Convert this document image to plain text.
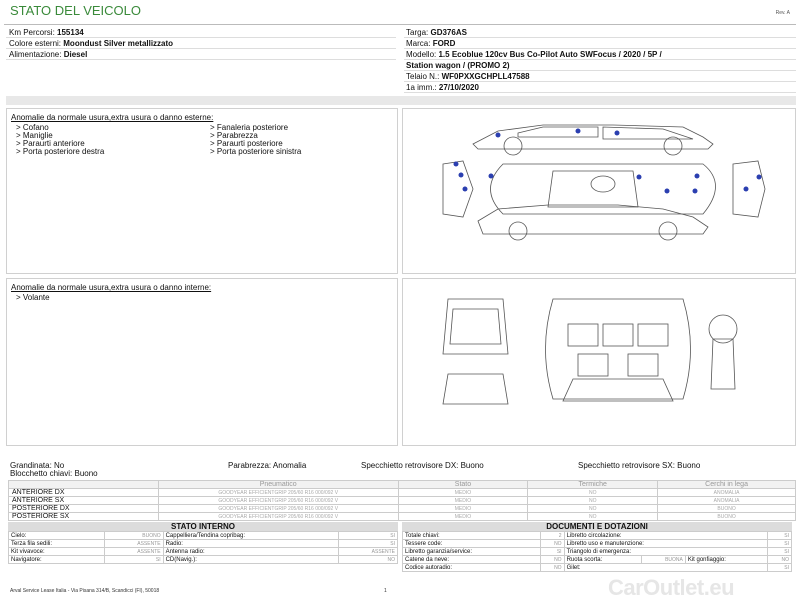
STATO DEL VEICOLO	Rev. A
Km Percorsi: 155134
Colore esterni: Moondust Silver metallizzato
Alimentazione: Diesel
Targa: GD376AS
Marca: FORD
Modello: 1.5 Ecoblue 120cv Bus Co-Pilot Auto SWFocus / 2020 / 5P /
Station wagon / (PROMO 2)
Telaio N.: WF0PXXGCHPLL47588
1a imm.: 27/10/2020
Anomalie da normale usura,extra usura o danno esterne:
> Cofano
> Maniglie
> Paraurti anteriore
> Porta posteriore destra
> Fanaleria posteriore
> Parabrezza
> Paraurti posteriore
> Porta posteriore sinistra
Anomalie da normale usura,extra usura o danno interne:
> Volante
Grandinata: No
Blocchetto chiavi: Buono
Parabrezza: Anomalia	Specchietto retrovisore DX: Buono	Specchietto retrovisore SX: Buono
	Pneumatico	Stato	Termiche	Cerchi in lega
ANTERIORE DX	GOODYEAR EFFICIENTGRIP 205/60 R16 000/092 V	MEDIO	NO	ANOMALIA
ANTERIORE SX	GOODYEAR EFFICIENTGRIP 205/60 R16 000/092 V	MEDIO	NO	ANOMALIA
POSTERIORE DX	GOODYEAR EFFICIENTGRIP 205/60 R16 000/092 V	MEDIO	NO	BUONO
POSTERIORE SX	GOODYEAR EFFICIENTGRIP 205/60 R16 000/092 V	MEDIO	NO	BUONO
STATO INTERNO
Cielo:	BUONO	Cappelliera/Tendina copribag:	SI
Terza fila sedili:	ASSENTE	Radio:	SI
Kit vivavoce:	ASSENTE	Antenna radio:	ASSENTE
Navigatore:	SI	CD(Navig.):	NO
DOCUMENTI E DOTAZIONI
Totale chiavi:	2	Libretto circolazione:			SI
Tessere code:	NO	Libretto uso e manutenzione:			SI
Libretto garanzia/service:	SI	Triangolo di emergenza:			SI
Catene da neve:	NO	Ruota scorta:	BUONA	Kit gonfiaggio:	NO
Codice autoradio:	NO	Gilet:			SI
Arval Service Lease Italia - Via Pisana 314/B, Scandicci (FI), 50018	1	CarOutlet.eu
